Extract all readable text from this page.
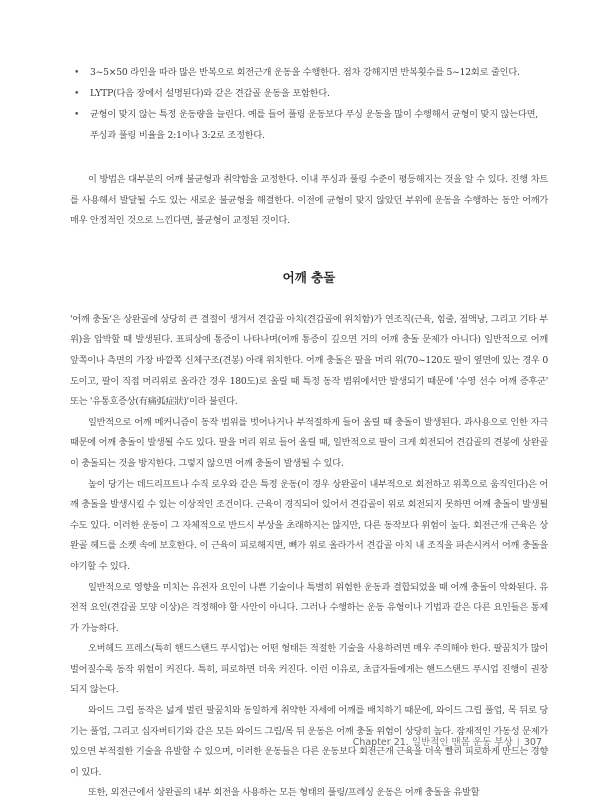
• 3~5×50 라인을 따라 많은 반복으로 회전근개 운동을 수행한다. 점차 강해지면 반복횟수를 5~12회로 줄인다.
• LYTP(다음 장에서 설명된다)와 같은 견갑골 운동을 포함한다.
• 균형이 맞지 않는 특정 운동량을 늘린다. 예를 들어 풀링 운동보다 푸싱 운동을 많이 수행해서 균형이 맞지 않는다면, 푸싱과 풀링 비율을 2:1이나 3:2로 조정한다.

이 방법은 대부분의 어깨 불균형과 취약함을 교정한다. 이내 푸싱과 풀링 수준이 평등해지는 것을 알 수 있다. 진행 차트를 사용해서 발달될 수도 있는 새로운 불균형을 해결한다. 이전에 균형이 맞지 않았던 부위에 운동을 수행하는 동안 어깨가 매우 안정적인 것으로 느낀다면, 불균형이 교정된 것이다.

어깨 충돌

'어깨 충돌'은 상완골에 상당히 큰 결절이 생겨서 견갑골 아치(견갑골에 위치함)가 연조직(근육, 힘줄, 점액낭, 그리고 기타 부위)을 압박할 때 발생된다. 표피상에 통증이 나타나며(어깨 통증이 깊으면 거의 어깨 충돌 문제가 아니다) 일반적으로 어깨 앞쪽이나 측면의 가장 바깥쪽 신체구조(견봉) 아래 위치한다. 어깨 충돌은 팔을 머리 위(70~120도 팔이 옆면에 있는 경우 0도이고, 팔이 직접 머리위로 올라간 경우 180도)로 올릴 때 특정 동작 범위에서만 발생되기 때문에 '수영 선수 어깨 증후군' 또는 '유통호증상(有痛弧症狀)'이라 불린다.

일반적으로 어깨 메커니즘이 동작 범위를 벗어나거나 부적절하게 들어 올릴 때 충돌이 발생된다. 과사용으로 인한 자극 때문에 어깨 충돌이 발생될 수도 있다. 팔을 머리 위로 들어 올릴 때, 일반적으로 팔이 크게 회전되어 견갑골의 견봉에 상완골이 충돌되는 것을 방지한다. 그렇지 않으면 어깨 충돌이 발생될 수 있다.

높이 당기는 데드리프트나 수직 로우와 같은 특정 운동(이 경우 상완골이 내부적으로 회전하고 위쪽으로 움직인다)은 어깨 충돌을 발생시킬 수 있는 이상적인 조건이다. 근육이 경직되어 있어서 견갑골이 위로 회전되지 못하면 어깨 충돌이 발생될 수도 있다. 이러한 운동이 그 자체적으로 반드시 부상을 초래하지는 않지만, 다른 동작보다 위험이 높다. 회전근개 근육은 상완골 헤드를 소켓 속에 보호한다. 이 근육이 피로해지면, 뼈가 위로 올라가서 견갑골 아치 내 조직을 파손시켜서 어깨 충돌을 야기할 수 있다.

일반적으로 영향을 미치는 유전자 요인이 나쁜 기술이나 특별히 위험한 운동과 결합되었을 때 어깨 충돌이 악화된다. 유전적 요인(견갑골 모양 이상)은 걱정해야 할 사안이 아니다. 그러나 수행하는 운동 유형이나 기법과 같은 다른 요인들은 통제가 가능하다.

오버헤드 프레스(특히 핸드스탠드 푸시업)는 어떤 형태든 적절한 기술을 사용하려면 매우 주의해야 한다. 팔꿈치가 많이 벌어질수록 동작 위험이 커진다. 특히, 피로하면 더욱 커진다. 이런 이유로, 초급자들에게는 핸드스탠드 푸시업 진행이 권장되지 않는다.

와이드 그립 동작은 넓게 벌린 팔꿈치와 동일하게 취약한 자세에 어깨를 배치하기 때문에, 와이드 그립 풀업, 목 뒤로 당기는 풀업, 그리고 십자버티기와 같은 모든 와이드 그립/목 뒤 운동은 어깨 충돌 위험이 상당히 높다. 잠재적인 가동성 문제가 있으면 부적절한 기술을 유발할 수 있으며, 이러한 운동들은 다른 운동보다 회전근개 근육을 더욱 빨리 피로하게 만드는 경향이 있다.

또한, 외전근에서 상완골의 내부 회전을 사용하는 모든 형태의 풀링/프레싱 운동은 어깨 충돌을 유발할

Chapter 21. 일반적인 맨몸 운동 부상 | 307
